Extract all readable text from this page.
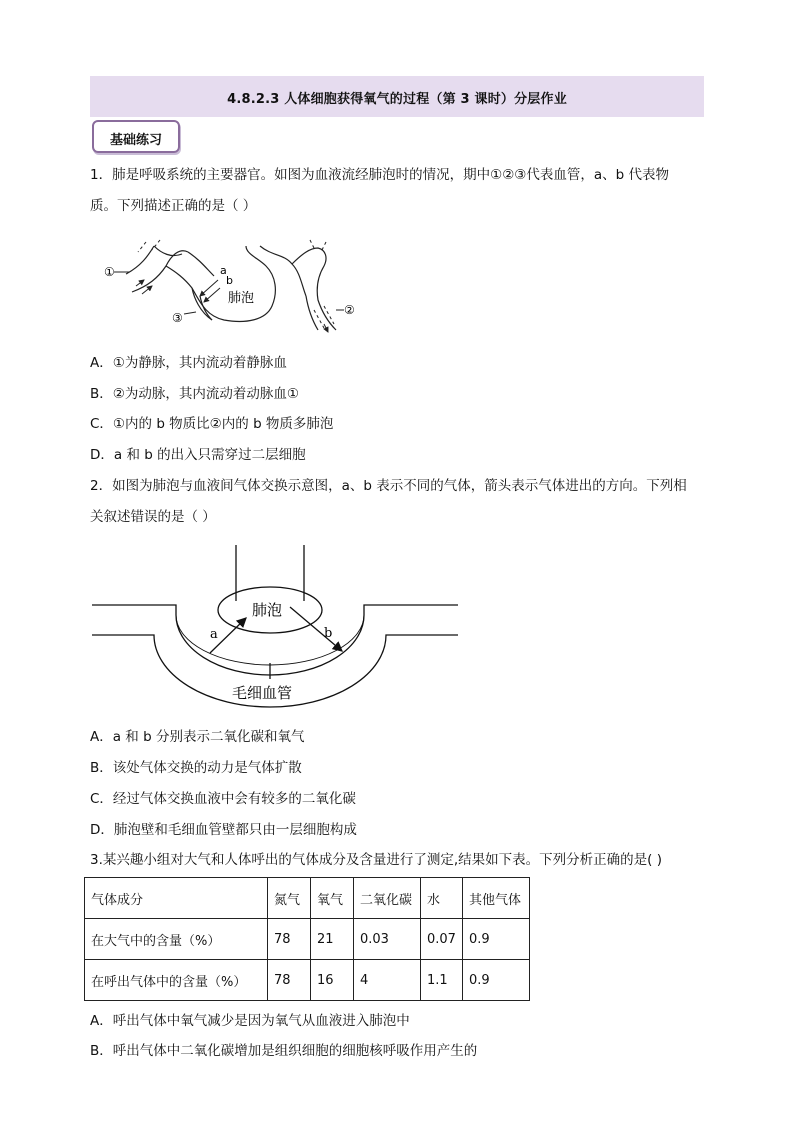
4.8.2.3 人体细胞获得氧气的过程（第 3 课时）分层作业
基础练习
1．肺是呼吸系统的主要器官。如图为血液流经肺泡时的情况，期中①②③代表血管，a、b 代表物
质。下列描述正确的是（ ）
①
②
③
a
b
肺泡
A．①为静脉，其内流动着静脉血
B．②为动脉，其内流动着动脉血①
C．①内的 b 物质比②内的 b 物质多肺泡
D．a 和 b 的出入只需穿过二层细胞
2．如图为肺泡与血液间气体交换示意图，a、b 表示不同的气体，箭头表示气体进出的方向。下列相
关叙述错误的是（ ）
肺泡
a	b
毛细血管
A．a 和 b 分别表示二氧化碳和氧气
B．该处气体交换的动力是气体扩散
C．经过气体交换血液中会有较多的二氧化碳
D．肺泡壁和毛细血管壁都只由一层细胞构成
3.某兴趣小组对大气和人体呼出的气体成分及含量进行了测定,结果如下表。下列分析正确的是( )
气体成分	氮气	氧气	二氧化碳	水	其他气体
在大气中的含量（%）	78	21	0.03	0.07	0.9
在呼出气体中的含量（%）	78	16	4	1.1	0.9
A．呼出气体中氧气减少是因为氧气从血液进入肺泡中
B．呼出气体中二氧化碳增加是组织细胞的细胞核呼吸作用产生的
